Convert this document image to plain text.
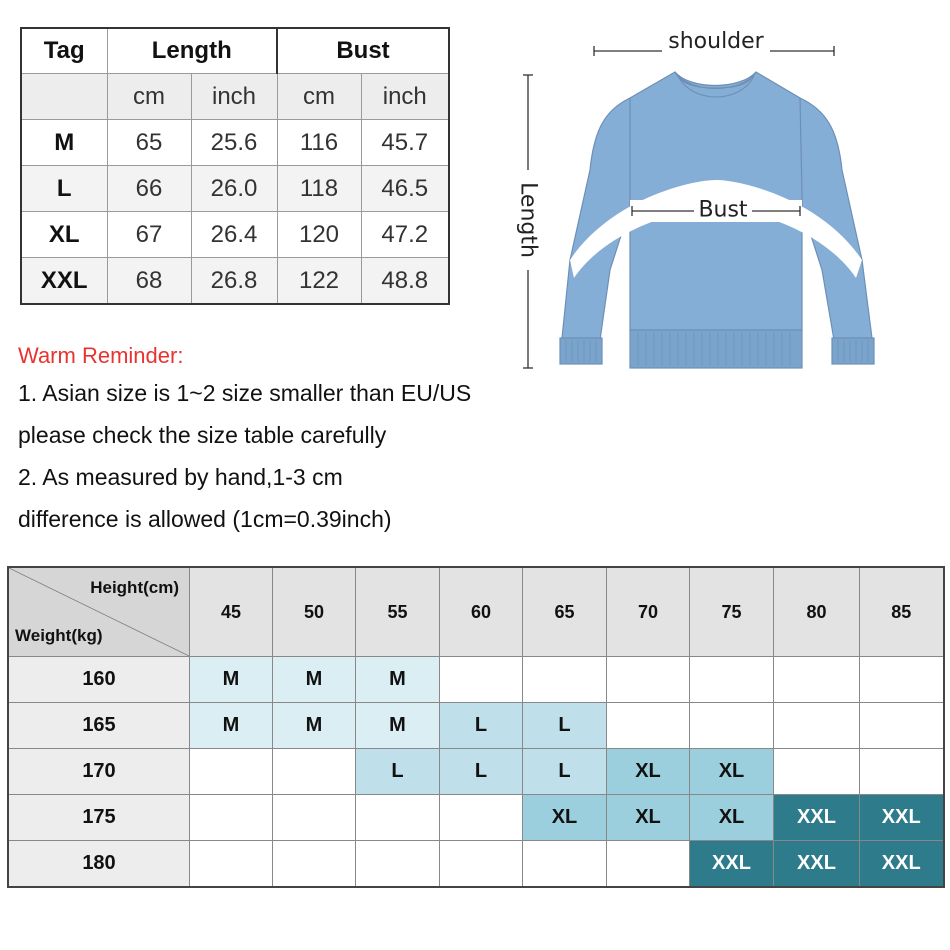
Tag	Length		Bust	
	cm	inch	cm	inch
M	65	25.6	116	45.7
L	66	26.0	118	46.5
XL	67	26.4	120	47.2
XXL	68	26.8	122	48.8
shoulder
Length	Bust
Warm Reminder:
1. Asian size is 1~2 size smaller than EU/US
please check the size table carefully
2. As measured by hand,1-3 cm
difference is allowed (1cm=0.39inch)
Height(cm)
Weight(kg)	45	50	55	60	65	70	75	80	85
160	M	M	M						
165	M	M	M	L	L				
170			L	L	L	XL	XL		
175					XL	XL	XL	XXL	XXL
180							XXL	XXL	XXL
